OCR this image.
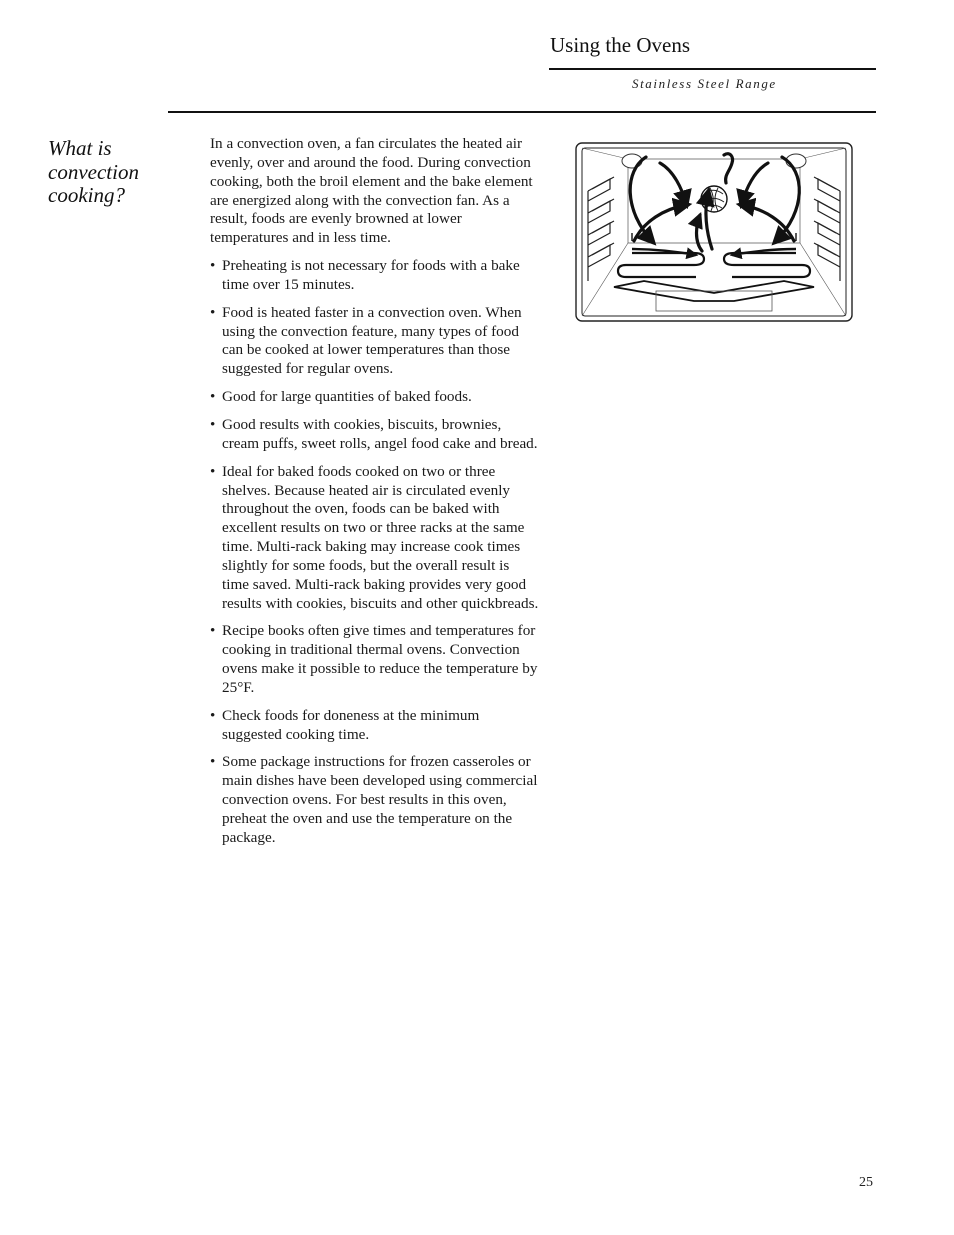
Using the Ovens
Stainless Steel Range
What is
convection
cooking?

In a convection oven, a fan circulates the heated air evenly, over and around the food. During convection cooking, both the broil element and the bake element are energized along with the convection fan. As a result, foods are evenly browned at lower temperatures and in less time.

• Preheating is not necessary for foods with a bake time over 15 minutes.
• Food is heated faster in a convection oven. When using the convection feature, many types of food can be cooked at lower temperatures than those suggested for regular ovens.
• Good for large quantities of baked foods.
• Good results with cookies, biscuits, brownies, cream puffs, sweet rolls, angel food cake and bread.
• Ideal for baked foods cooked on two or three shelves. Because heated air is circulated evenly throughout the oven, foods can be baked with excellent results on two or three racks at the same time. Multi-rack baking may increase cook times slightly for some foods, but the overall result is time saved. Multi-rack baking provides very good results with cookies, biscuits and other quickbreads.
• Recipe books often give times and temperatures for cooking in traditional thermal ovens. Convection ovens make it possible to reduce the temperature by 25°F.
• Check foods for doneness at the minimum suggested cooking time.
• Some package instructions for frozen casseroles or main dishes have been developed using commercial convection ovens. For best results in this oven, preheat the oven and use the temperature on the package.
25
